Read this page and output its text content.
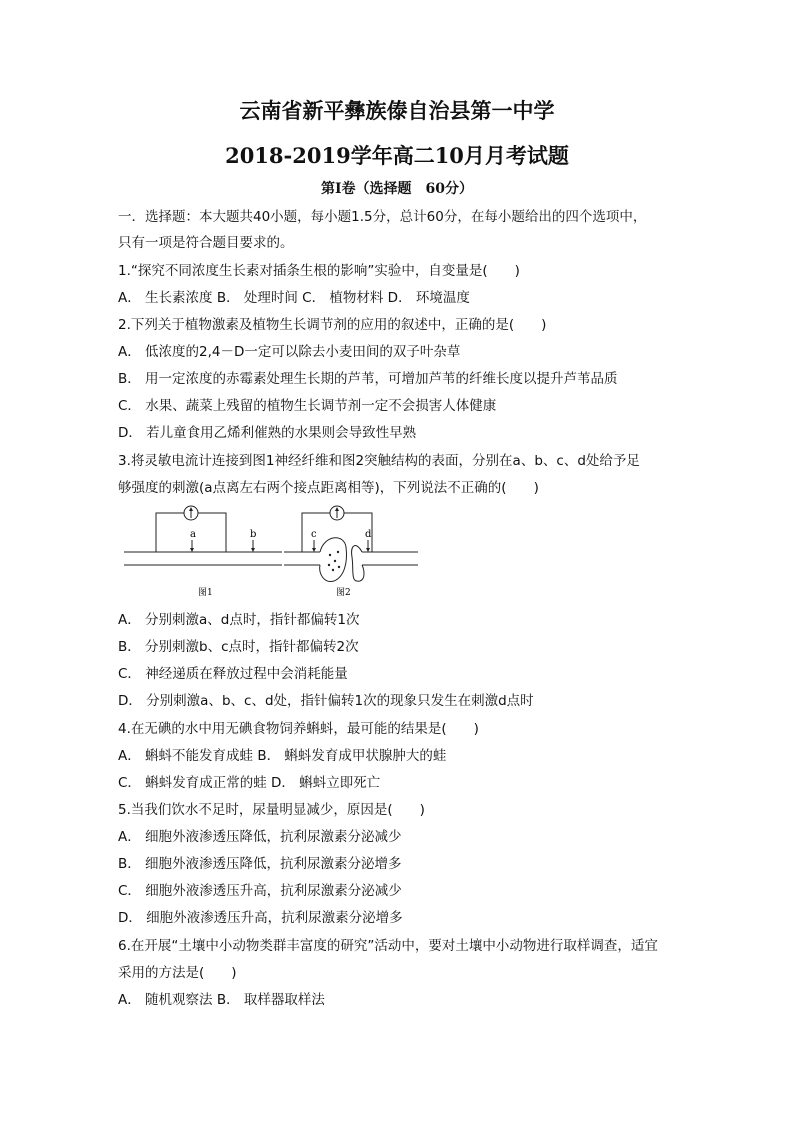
云南省新平彝族傣自治县第一中学
2018-2019学年高二10月月考试题
第I卷（选择题　60分）
一．选择题：本大题共40小题，每小题1.5分，总计60分，在每小题给出的四个选项中，
只有一项是符合题目要求的。
1.“探究不同浓度生长素对插条生根的影响”实验中，自变量是(　　)
A． 生长素浓度 B． 处理时间 C． 植物材料 D． 环境温度
2.下列关于植物激素及植物生长调节剂的应用的叙述中，正确的是(　　)
A． 低浓度的2,4－D一定可以除去小麦田间的双子叶杂草
B． 用一定浓度的赤霉素处理生长期的芦苇，可增加芦苇的纤维长度以提升芦苇品质
C． 水果、蔬菜上残留的植物生长调节剂一定不会损害人体健康
D． 若儿童食用乙烯利催熟的水果则会导致性早熟
3.将灵敏电流计连接到图1神经纤维和图2突触结构的表面，分别在a、b、c、d处给予足
够强度的刺激(a点离左右两个接点距离相等)，下列说法不正确的(　　)
a	b
图1
c	d
图2
A． 分别刺激a、d点时，指针都偏转1次
B． 分别刺激b、c点时，指针都偏转2次
C． 神经递质在释放过程中会消耗能量
D． 分别刺激a、b、c、d处，指针偏转1次的现象只发生在刺激d点时
4.在无碘的水中用无碘食物饲养蝌蚪，最可能的结果是(　　)
A． 蝌蚪不能发育成蛙 B． 蝌蚪发育成甲状腺肿大的蛙
C． 蝌蚪发育成正常的蛙 D． 蝌蚪立即死亡
5.当我们饮水不足时，尿量明显减少，原因是(　　)
A． 细胞外液渗透压降低，抗利尿激素分泌减少
B． 细胞外液渗透压降低，抗利尿激素分泌增多
C． 细胞外液渗透压升高，抗利尿激素分泌减少
D． 细胞外液渗透压升高，抗利尿激素分泌增多
6.在开展“土壤中小动物类群丰富度的研究”活动中，要对土壤中小动物进行取样调查，适宜
采用的方法是(　　)
A． 随机观察法 B． 取样器取样法
